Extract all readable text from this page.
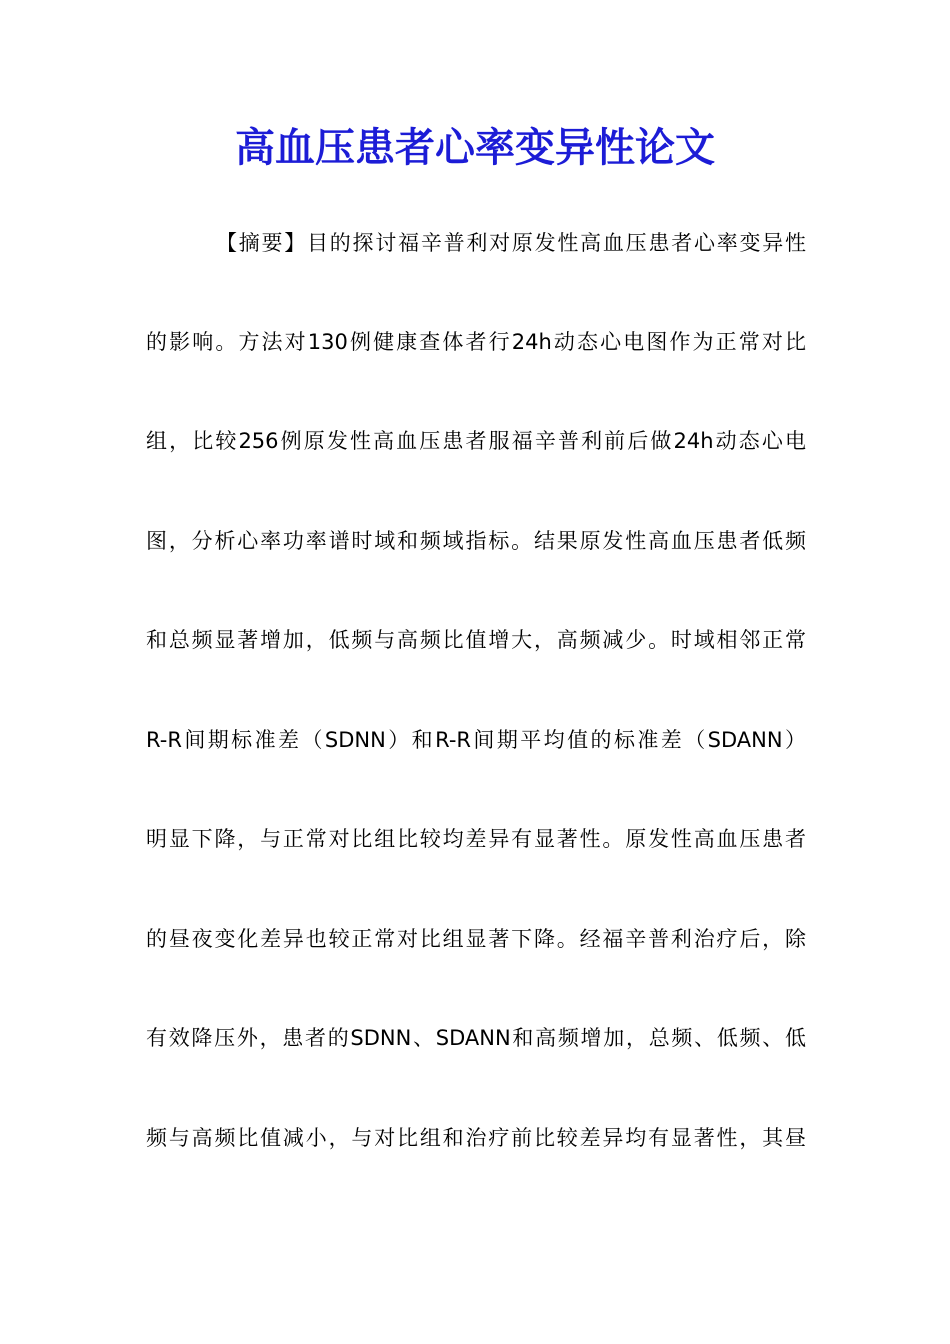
高血压患者心率变异性论文

【摘要】目的探讨福辛普利对原发性高血压患者心率变异性

的影响。方法对130例健康查体者行24h动态心电图作为正常对比

组，比较256例原发性高血压患者服福辛普利前后做24h动态心电

图，分析心率功率谱时域和频域指标。结果原发性高血压患者低频

和总频显著增加，低频与高频比值增大，高频减少。时域相邻正常

R-R间期标准差（SDNN）和R-R间期平均值的标准差（SDANN）

明显下降，与正常对比组比较均差异有显著性。原发性高血压患者

的昼夜变化差异也较正常对比组显著下降。经福辛普利治疗后，除

有效降压外，患者的SDNN、SDANN和高频增加，总频、低频、低

频与高频比值减小，与对比组和治疗前比较差异均有显著性，其昼
